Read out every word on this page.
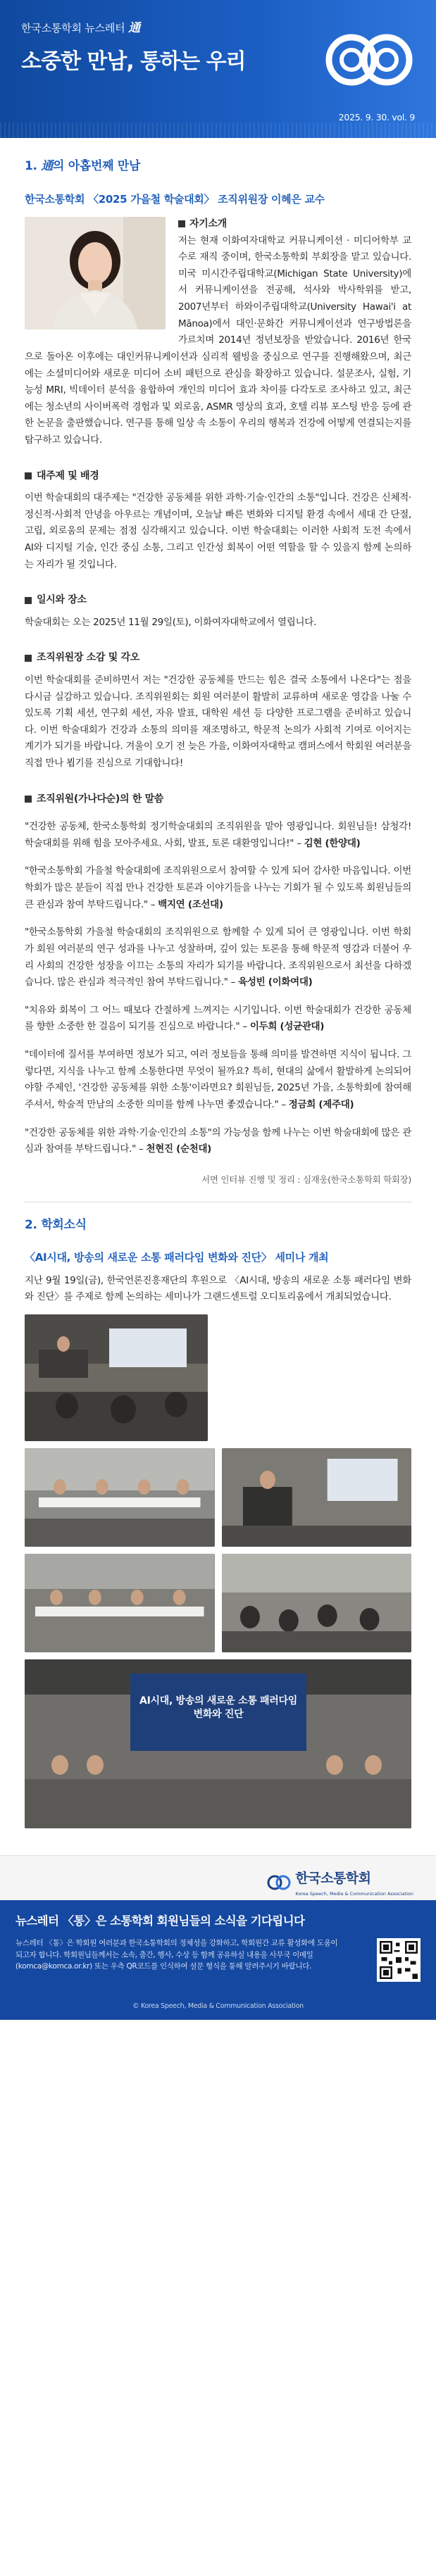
한국소통학회 뉴스레터 通
소중한 만남, 통하는 우리
2025. 9. 30. vol. 9
1. 通의 아홉번째 만남
한국소통학회 〈2025 가을철 학술대회〉 조직위원장 이혜은 교수
자기소개
저는 현재 이화여자대학교 커뮤니케이션 · 미디어학부 교수로 재직 중이며, 한국소통학회 부회장을 맡고 있습니다. 미국 미시간주립대학교(Michigan State University)에서 커뮤니케이션을 전공해, 석사와 박사학위를 받고, 2007년부터 하와이주립대학교(University Hawai'i at Mānoa)에서 대인·문화간 커뮤니케이션과 연구방법론을 가르치며 2014년 정년보장을 받았습니다. 2016년 한국으로 돌아온 이후에는 대인커뮤니케이션과 심리적 웰빙을 중심으로 연구를 진행해왔으며, 최근에는 소셜미디어와 새로운 미디어 소비 패턴으로 관심을 확장하고 있습니다. 설문조사, 실험, 기능성 MRI, 빅데이터 분석을 융합하여 개인의 미디어 효과 차이를 다각도로 조사하고 있고, 최근에는 청소년의 사이버폭력 경험과 및 외로움, ASMR 영상의 효과, 호텔 리뷰 포스팅 반응 등에 관한 논문을 출판했습니다. 연구를 통해 일상 속 소통이 우리의 행복과 건강에 어떻게 연결되는지를 탐구하고 있습니다.
대주제 및 배경
이번 학술대회의 대주제는 "건강한 공동체를 위한 과학·기술·인간의 소통"입니다. 건강은 신체적·정신적·사회적 안녕을 아우르는 개념이며, 오늘날 빠른 변화와 디지털 환경 속에서 세대 간 단절, 고립, 외로움의 문제는 점점 심각해지고 있습니다. 이번 학술대회는 이러한 사회적 도전 속에서 AI와 디지털 기술, 인간 중심 소통, 그리고 인간성 회복이 어떤 역할을 할 수 있을지 함께 논의하는 자리가 될 것입니다.
일시와 장소
학술대회는 오는 2025년 11월 29일(토), 이화여자대학교에서 열립니다.
조직위원장 소감 및 각오
이번 학술대회를 준비하면서 저는 "건강한 공동체를 만드는 힘은 결국 소통에서 나온다"는 점을 다시금 실감하고 있습니다. 조직위원회는 회원 여러분이 활발히 교류하며 새로운 영감을 나눌 수 있도록 기획 세션, 연구회 세션, 자유 발표, 대학원 세션 등 다양한 프로그램을 준비하고 있습니다. 이번 학술대회가 건강과 소통의 의미를 재조명하고, 학문적 논의가 사회적 기여로 이어지는 계기가 되기를 바랍니다. 겨울이 오기 전 늦은 가을, 이화여자대학교 캠퍼스에서 학회원 여러분을 직접 만나 뵙기를 진심으로 기대합니다!
조직위원(가나다순)의 한 말씀
"건강한 공동체, 한국소통학회 정기학술대회의 조직위원을 맡아 영광입니다. 회원님들! 삼청각! 학술대회를 위해 힘을 모아주세요. 사회, 발표, 토론 대환영입니다!" – 김현 (한양대)
"한국소통학회 가을철 학술대회에 조직위원으로서 참여할 수 있게 되어 감사한 마음입니다. 이번 학회가 많은 분들이 직접 만나 건강한 토론과 이야기들을 나누는 기회가 될 수 있도록 회원님들의 큰 관심과 참여 부탁드립니다." – 백지연 (조선대)
"한국소통학회 가을철 학술대회의 조직위원으로 함께할 수 있게 되어 큰 영광입니다. 이번 학회가 회원 여러분의 연구 성과를 나누고 성찰하며, 깊이 있는 토론을 통해 학문적 영감과 더불어 우리 사회의 건강한 성장을 이끄는 소통의 자리가 되기를 바랍니다. 조직위원으로서 최선을 다하겠습니다. 많은 관심과 적극적인 참여 부탁드립니다." – 육성빈 (이화여대)
"치유와 회복이 그 어느 때보다 간절하게 느껴지는 시기입니다. 이번 학술대회가 건강한 공동체를 향한 소중한 한 걸음이 되기를 진심으로 바랍니다." – 이두희 (성균관대)
"데이터에 질서를 부여하면 정보가 되고, 여러 정보들을 통해 의미를 발견하면 지식이 됩니다. 그렇다면, 지식을 나누고 함께 소통한다면 무엇이 될까요? 특히, 현대의 삶에서 활발하게 논의되어야할 주제인, '건강한 공동체를 위한 소통'이라면요? 회원님들, 2025년 가을, 소통학회에 참여해주셔서, 학술적 만남의 소중한 의미를 함께 나누면 좋겠습니다." – 정금희 (제주대)
"건강한 공동체를 위한 과학·기술·인간의 소통"의 가능성을 함께 나누는 이번 학술대회에 많은 관심과 참여를 부탁드립니다." – 천현진 (순천대)
서면 인터뷰 진행 및 정리 : 심재웅(한국소통학회 학회장)
2. 학회소식
〈AI시대, 방송의 새로운 소통 패러다임 변화와 진단〉 세미나 개최
지난 9월 19일(금), 한국언론진흥재단의 후원으로 〈AI시대, 방송의 새로운 소통 패러다임 변화와 진단〉를 주제로 함께 논의하는 세미나가 그랜드센트럴 오디토리움에서 개최되었습니다.
AI시대, 방송의 새로운 소통 패러다임 변화와 진단
한국소통학회
Korea Speech, Media & Communication Association
뉴스레터 〈통〉은 소통학회 회원님들의 소식을 기다립니다
뉴스레터 〈통〉은 학회원 여러분과 한국소통학회의 정체성을 강화하고, 학회원간 교류 활성화에 도움이 되고자 합니다. 학회원님들께서는 소속, 출간, 행사, 수상 등 함께 공유하실 내용을 사무국 이메일(komca@komca.or.kr) 또는 우측 QR코드를 인식하여 설문 형식을 통해 알려주시기 바랍니다.
© Korea Speech, Media & Communication Association
